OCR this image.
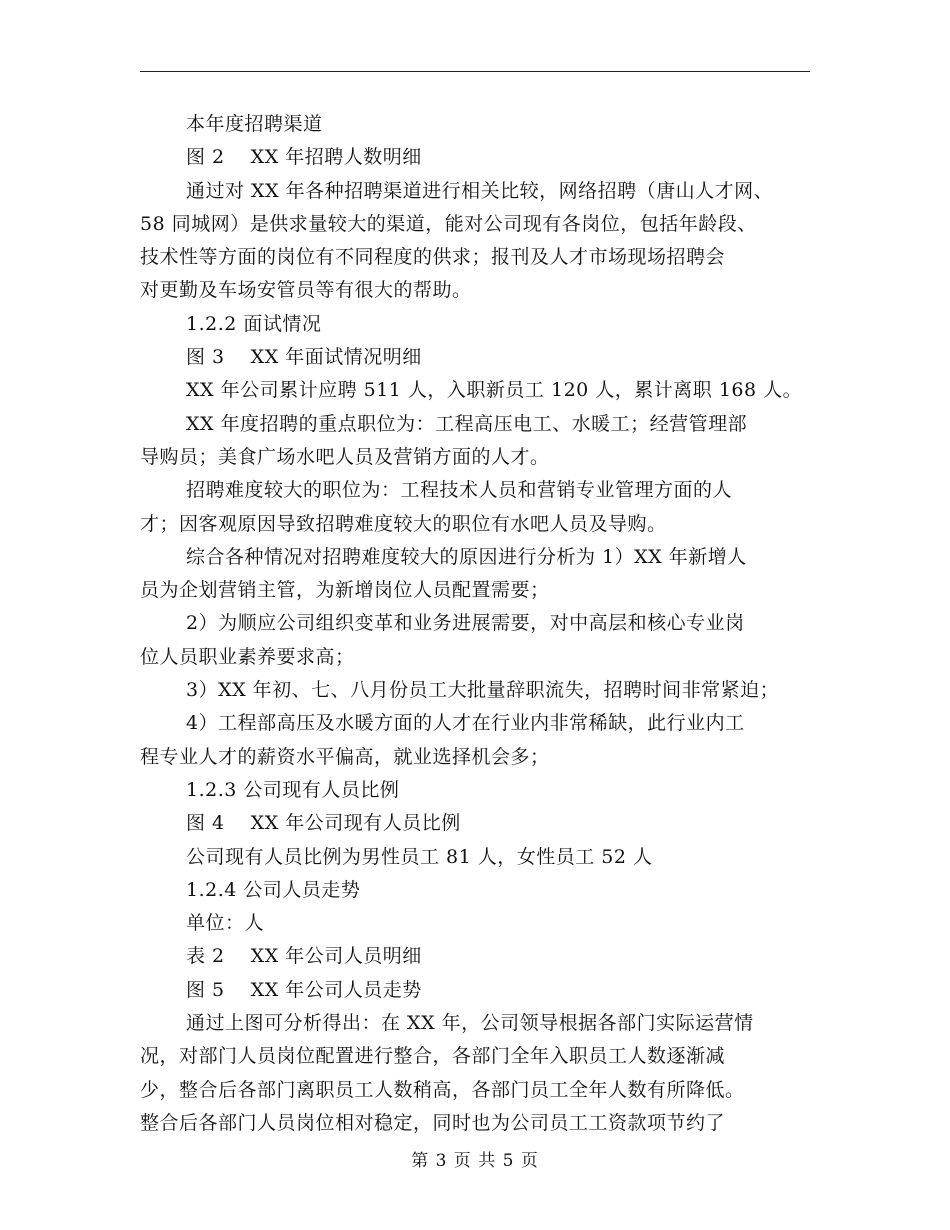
本年度招聘渠道
图 2　 XX 年招聘人数明细
通过对 XX 年各种招聘渠道进行相关比较，网络招聘（唐山人才网、
58 同城网）是供求量较大的渠道，能对公司现有各岗位，包括年龄段、
技术性等方面的岗位有不同程度的供求；报刊及人才市场现场招聘会
对更勤及车场安管员等有很大的帮助。
1.2.2 面试情况
图 3　 XX 年面试情况明细
XX 年公司累计应聘 511 人，入职新员工 120 人，累计离职 168 人。
XX 年度招聘的重点职位为：工程高压电工、水暖工；经营管理部
导购员；美食广场水吧人员及营销方面的人才。
招聘难度较大的职位为：工程技术人员和营销专业管理方面的人
才；因客观原因导致招聘难度较大的职位有水吧人员及导购。
综合各种情况对招聘难度较大的原因进行分析为 1）XX 年新增人
员为企划营销主管，为新增岗位人员配置需要；
2）为顺应公司组织变革和业务进展需要，对中高层和核心专业岗
位人员职业素养要求高；
3）XX 年初、七、八月份员工大批量辞职流失，招聘时间非常紧迫；
4）工程部高压及水暖方面的人才在行业内非常稀缺，此行业内工
程专业人才的薪资水平偏高，就业选择机会多；
1.2.3 公司现有人员比例
图 4　 XX 年公司现有人员比例
公司现有人员比例为男性员工 81 人，女性员工 52 人
1.2.4 公司人员走势
单位：人
表 2　 XX 年公司人员明细
图 5　 XX 年公司人员走势
通过上图可分析得出：在 XX 年，公司领导根据各部门实际运营情
况，对部门人员岗位配置进行整合，各部门全年入职员工人数逐渐减
少，整合后各部门离职员工人数稍高，各部门员工全年人数有所降低。
整合后各部门人员岗位相对稳定，同时也为公司员工工资款项节约了
第 3 页 共 5 页
